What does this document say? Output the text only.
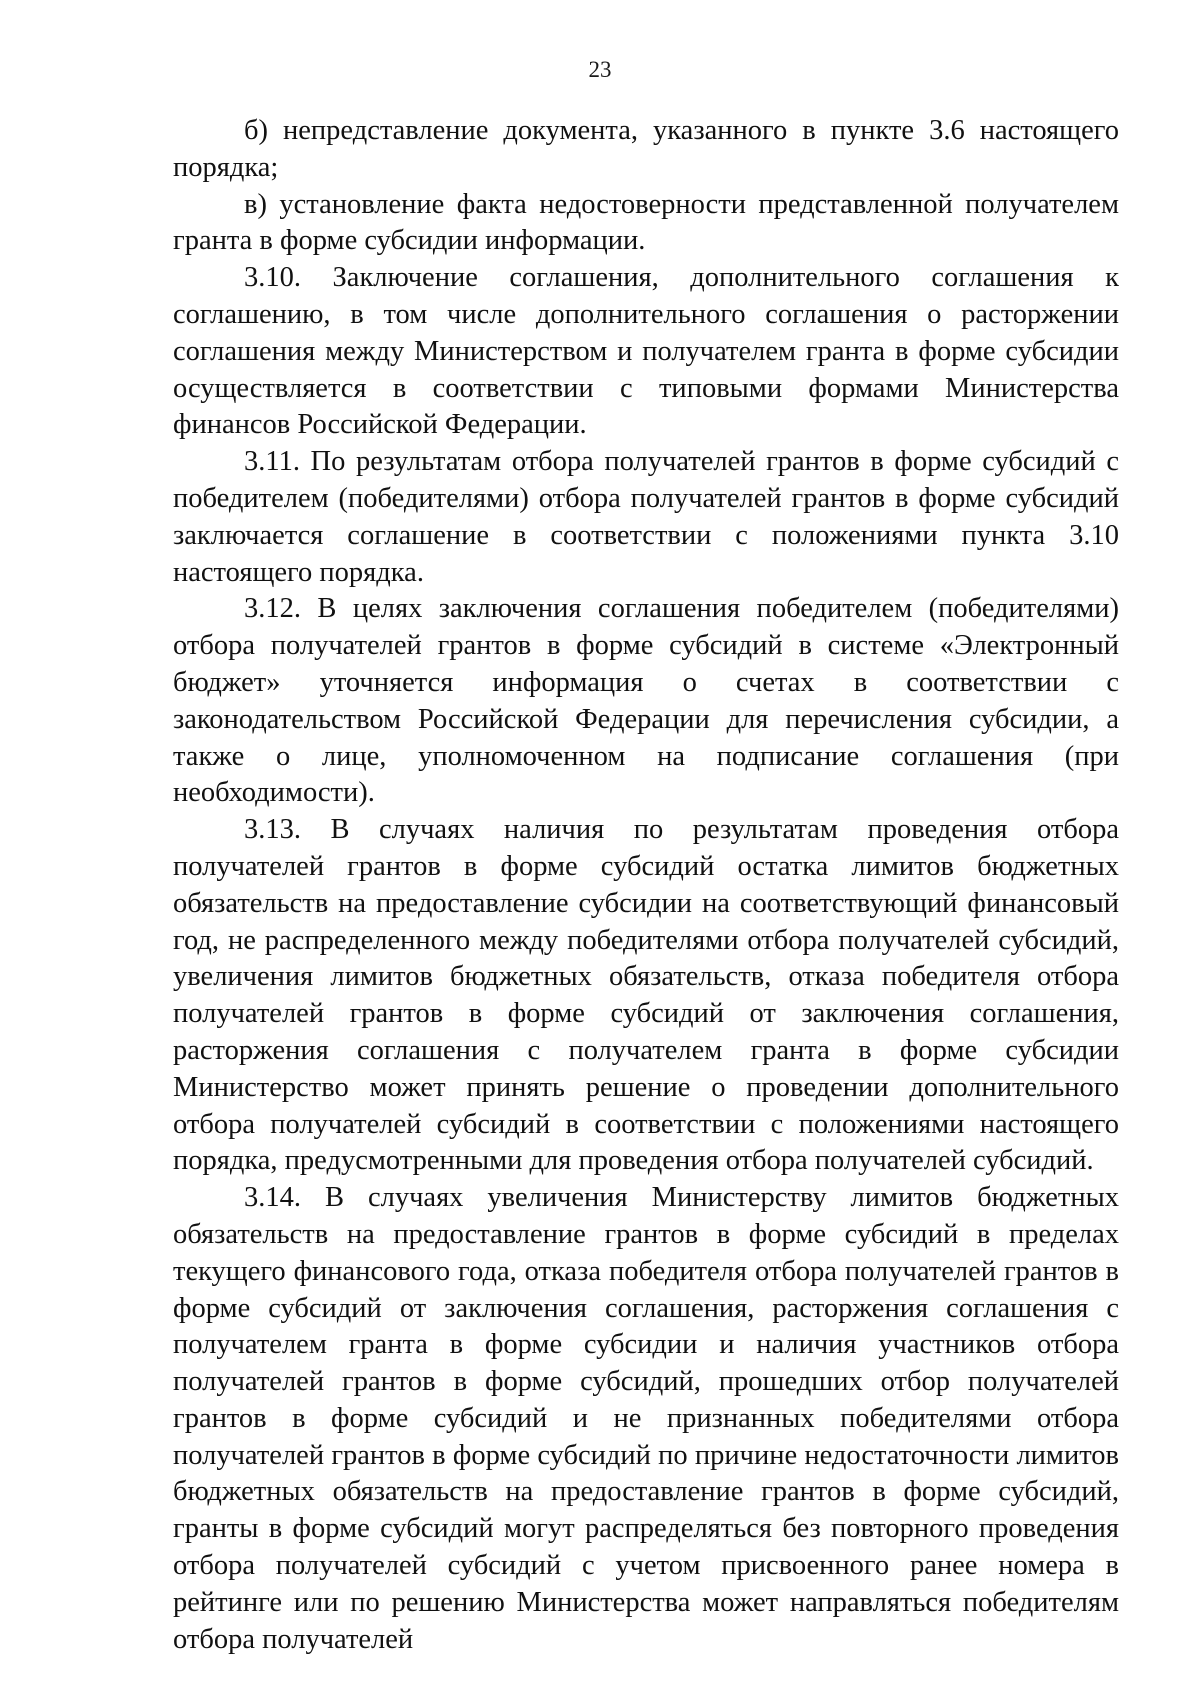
23

б) непредставление документа, указанного в пункте 3.6 настоящего порядка;

в) установление факта недостоверности представленной получателем гранта в форме субсидии информации.

3.10. Заключение соглашения, дополнительного соглашения к соглашению, в том числе дополнительного соглашения о расторжении соглашения между Министерством и получателем гранта в форме субсидии осуществляется в соответствии с типовыми формами Министерства финансов Российской Федерации.

3.11. По результатам отбора получателей грантов в форме субсидий с победителем (победителями) отбора получателей грантов в форме субсидий заключается соглашение в соответствии с положениями пункта 3.10 настоящего порядка.

3.12. В целях заключения соглашения победителем (победителями) отбора получателей грантов в форме субсидий в системе «Электронный бюджет» уточняется информация о счетах в соответствии с законодательством Российской Федерации для перечисления субсидии, а также о лице, уполномоченном на подписание соглашения (при необходимости).

3.13. В случаях наличия по результатам проведения отбора получателей грантов в форме субсидий остатка лимитов бюджетных обязательств на предоставление субсидии на соответствующий финансовый год, не распределенного между победителями отбора получателей субсидий, увеличения лимитов бюджетных обязательств, отказа победителя отбора получателей грантов в форме субсидий от заключения соглашения, расторжения соглашения с получателем гранта в форме субсидии Министерство может принять решение о проведении дополнительного отбора получателей субсидий в соответствии с положениями настоящего порядка, предусмотренными для проведения отбора получателей субсидий.

3.14. В случаях увеличения Министерству лимитов бюджетных обязательств на предоставление грантов в форме субсидий в пределах текущего финансового года, отказа победителя отбора получателей грантов в форме субсидий от заключения соглашения, расторжения соглашения с получателем гранта в форме субсидии и наличия участников отбора получателей грантов в форме субсидий, прошедших отбор получателей грантов в форме субсидий и не признанных победителями отбора получателей грантов в форме субсидий по причине недостаточности лимитов бюджетных обязательств на предоставление грантов в форме субсидий, гранты в форме субсидий могут распределяться без повторного проведения отбора получателей субсидий с учетом присвоенного ранее номера в рейтинге или по решению Министерства может направляться победителям отбора получателей
